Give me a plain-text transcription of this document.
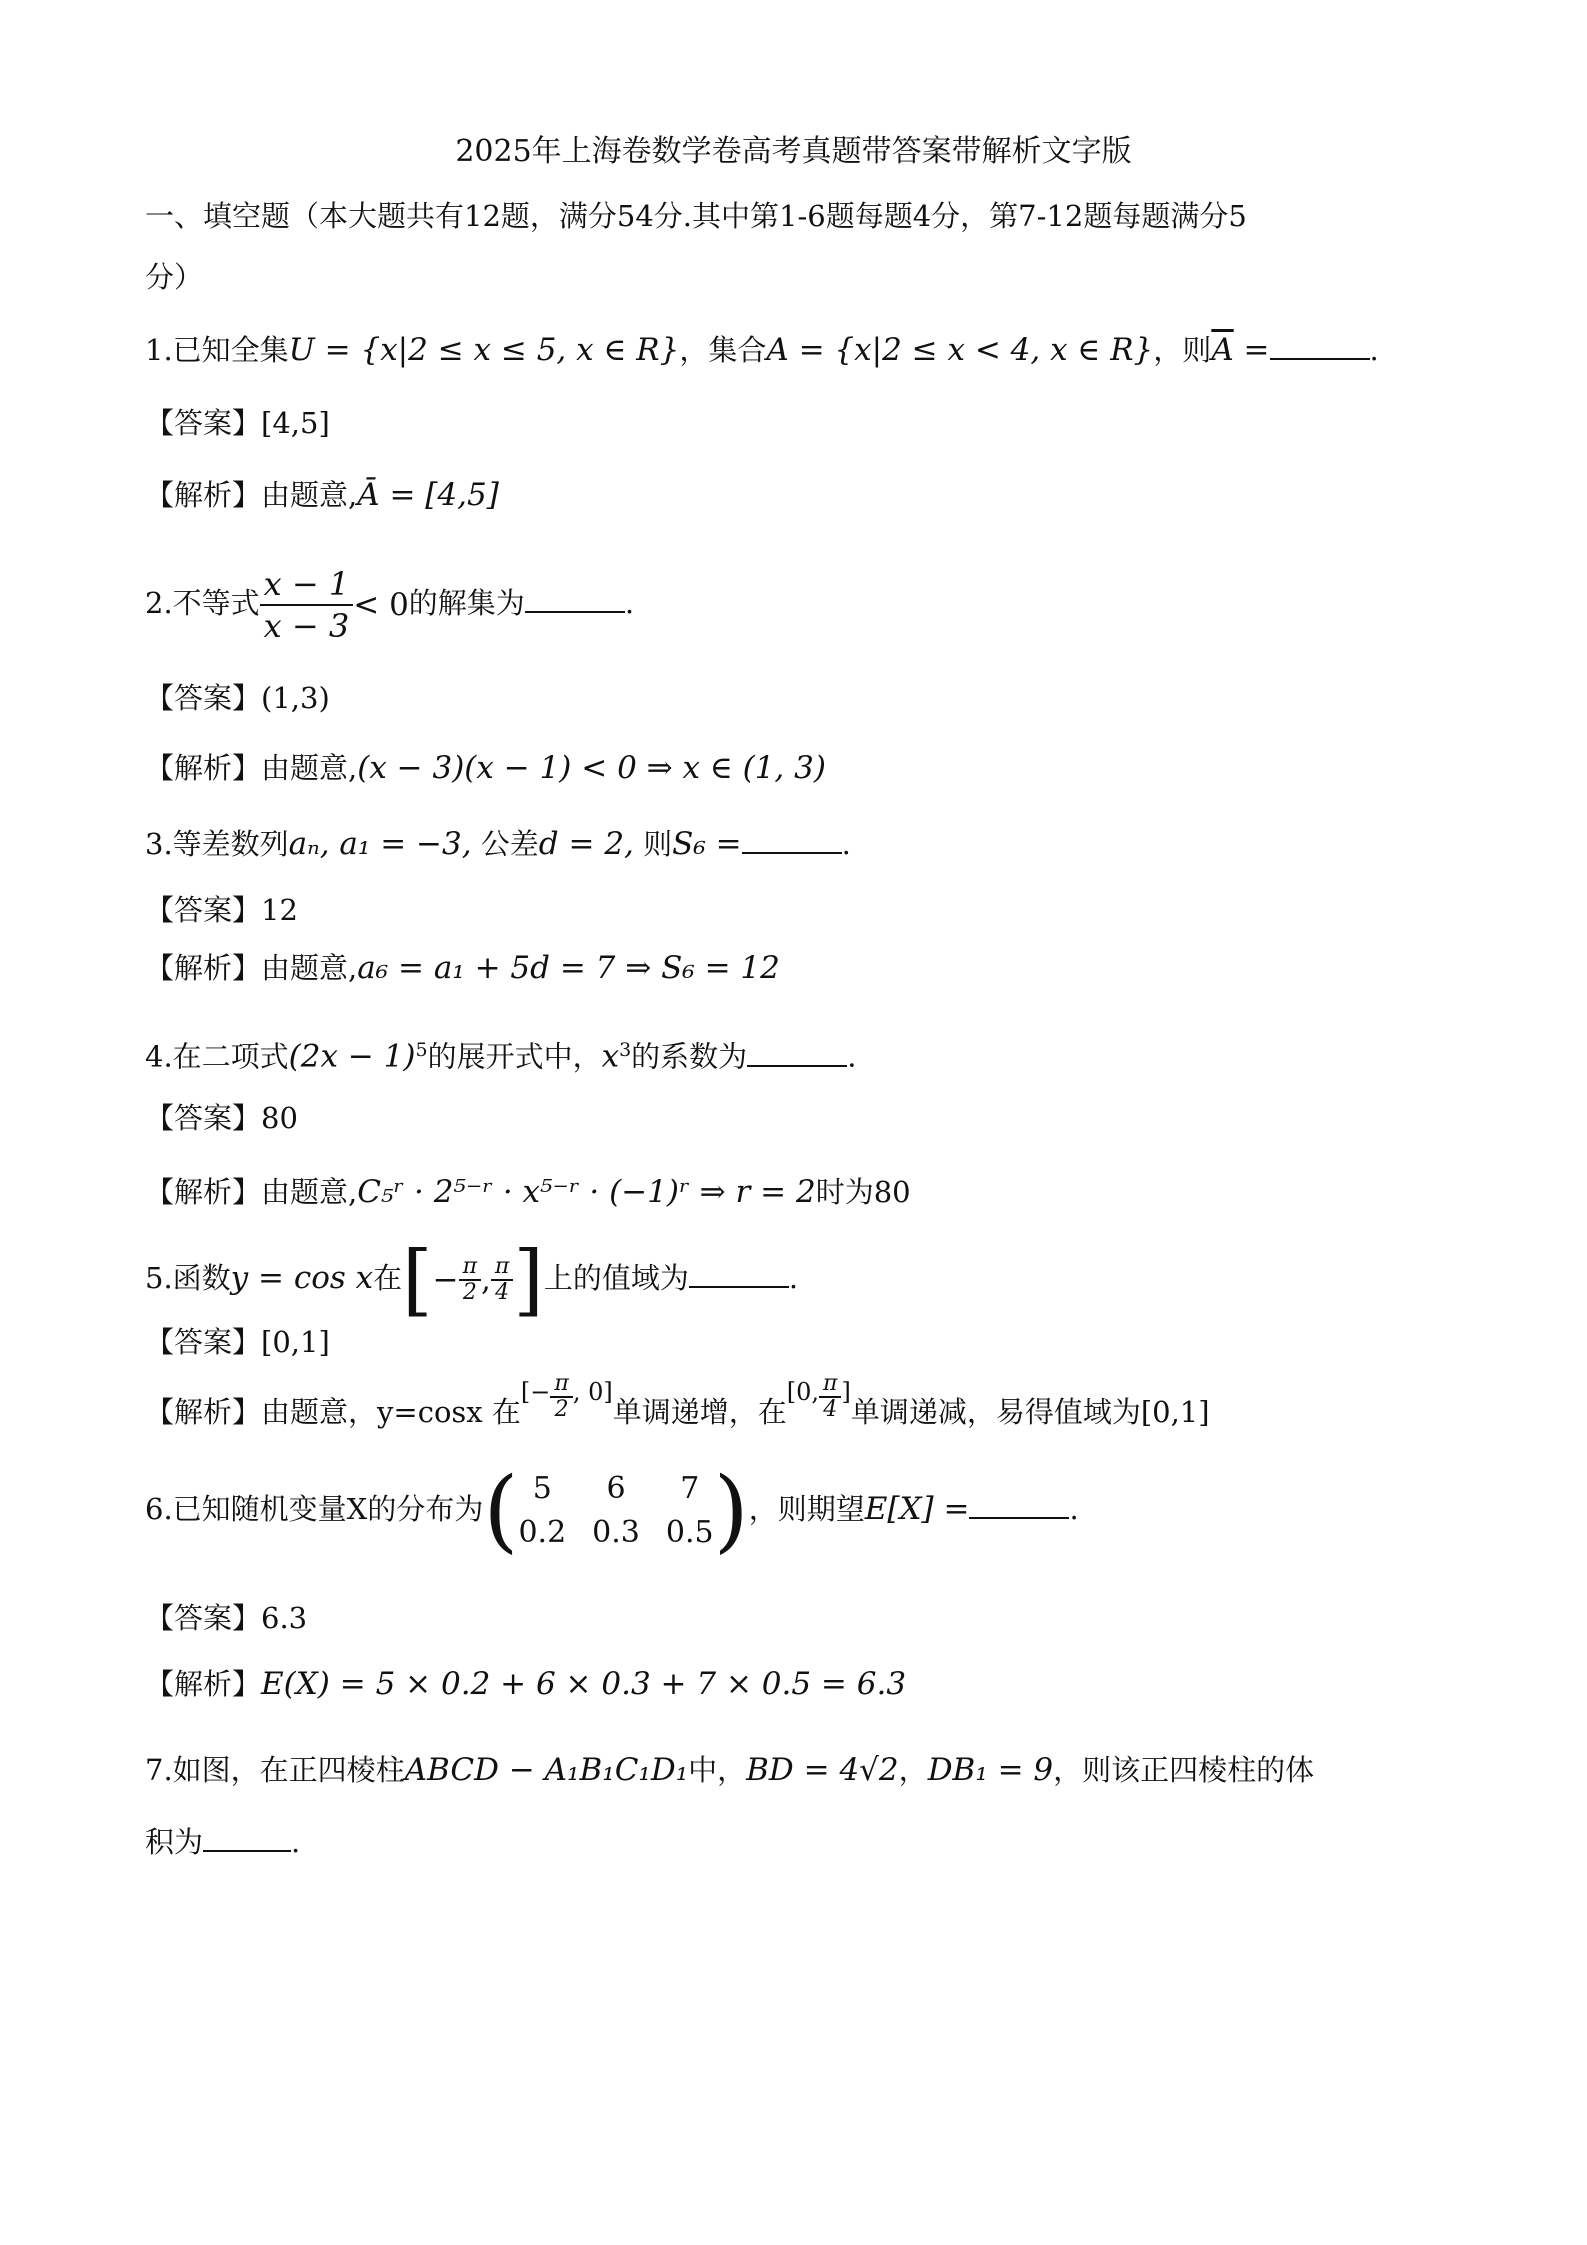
2025年上海卷数学卷高考真题带答案带解析文字版
一、填空题（本大题共有12题，满分54分.其中第1-6题每题4分，第7-12题每题满分5
分）
1.已知全集U = {x|2 ≤ x ≤ 5, x ∈ R}，集合A = {x|2 ≤ x < 4, x ∈ R}，则$\overline{A}$ =	.
【答案】[4,5]
【解析】由题意,Ā = [4,5]
2.不等式 $\frac{x - 1}{x - 3} < 0$的解集为	.
【答案】(1,3)
【解析】由题意,(x − 3)(x − 1) < 0 ⇒ x ∈ (1, 3)
3.等差数列aₙ, a₁ = −3, 公差d = 2, 则S₆ =	.
【答案】12
【解析】由题意,a₆ = a₁ + 5d = 7 ⇒ S₆ = 12
4.在二项式$(2x - 1)^5$的展开式中，$x^3$的系数为	.
【答案】80
【解析】由题意,C₅ʳ · 2⁵⁻ʳ · x⁵⁻ʳ · (−1)ʳ ⇒ r = 2时为80
5.函数y = cos x在[− $\frac{\pi}{2}$ , $\frac{\pi}{4}$ ]上的值域为	.
【答案】[0,1]
【解析】由题意，y=cosx 在$^{[-} \frac{\pi}{2} ^{, 0]}$单调递增，在$^{[0,} \frac{\pi}{4} ^]$单调递减，易得值域为[0,1]
6.已知随机变量X的分布为( 5	6	7
0.2 0.3 0.5 )，则期望E[X] =	.
【答案】6.3
【解析】E(X) = 5 × 0.2 + 6 × 0.3 + 7 × 0.5 = 6.3
7.如图，在正四棱柱ABCD − A₁B₁C₁D₁中，BD = 4√2，DB₁ = 9，则该正四棱柱的体
积为	.
